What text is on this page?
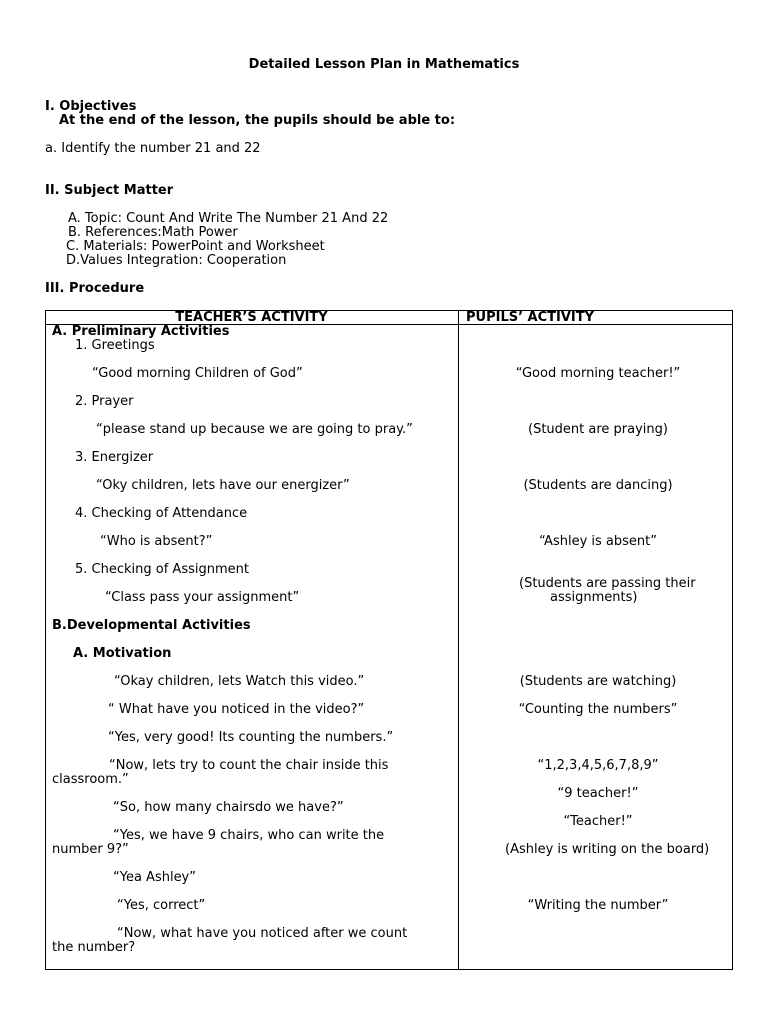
Detailed Lesson Plan in Mathematics
I. Objectives
At the end of the lesson, the pupils should be able to:
a. Identify the number 21 and 22
II. Subject Matter
A. Topic: Count And Write The Number 21 And 22
B. References:Math Power
C. Materials: PowerPoint and Worksheet
D.Values Integration: Cooperation
III. Procedure
TEACHER’S ACTIVITY	PUPILS’ ACTIVITY
A. Preliminary Activities
1. Greetings
“Good morning Children of God”
2. Prayer
“please stand up because we are going to pray.”
3. Energizer
“Oky children, lets have our energizer”
4. Checking of Attendance
“Who is absent?”
5. Checking of Assignment
“Class pass your assignment”
B.Developmental Activities
A. Motivation
“Okay children, lets Watch this video.”
“ What have you noticed in the video?”
“Yes, very good! Its counting the numbers.”
“Now, lets try to count the chair inside this
classroom.”
“So, how many chairsdo we have?”
“Yes, we have 9 chairs, who can write the
number 9?”
“Yea Ashley”
“Yes, correct”
“Now, what have you noticed after we count
the number?
“Good morning teacher!”
(Student are praying)
(Students are dancing)
“Ashley is absent”
(Students are passing their
assignments)
(Students are watching)
“Counting the numbers”
“1,2,3,4,5,6,7,8,9”
“9 teacher!”
“Teacher!”
(Ashley is writing on the board)
“Writing the number”
